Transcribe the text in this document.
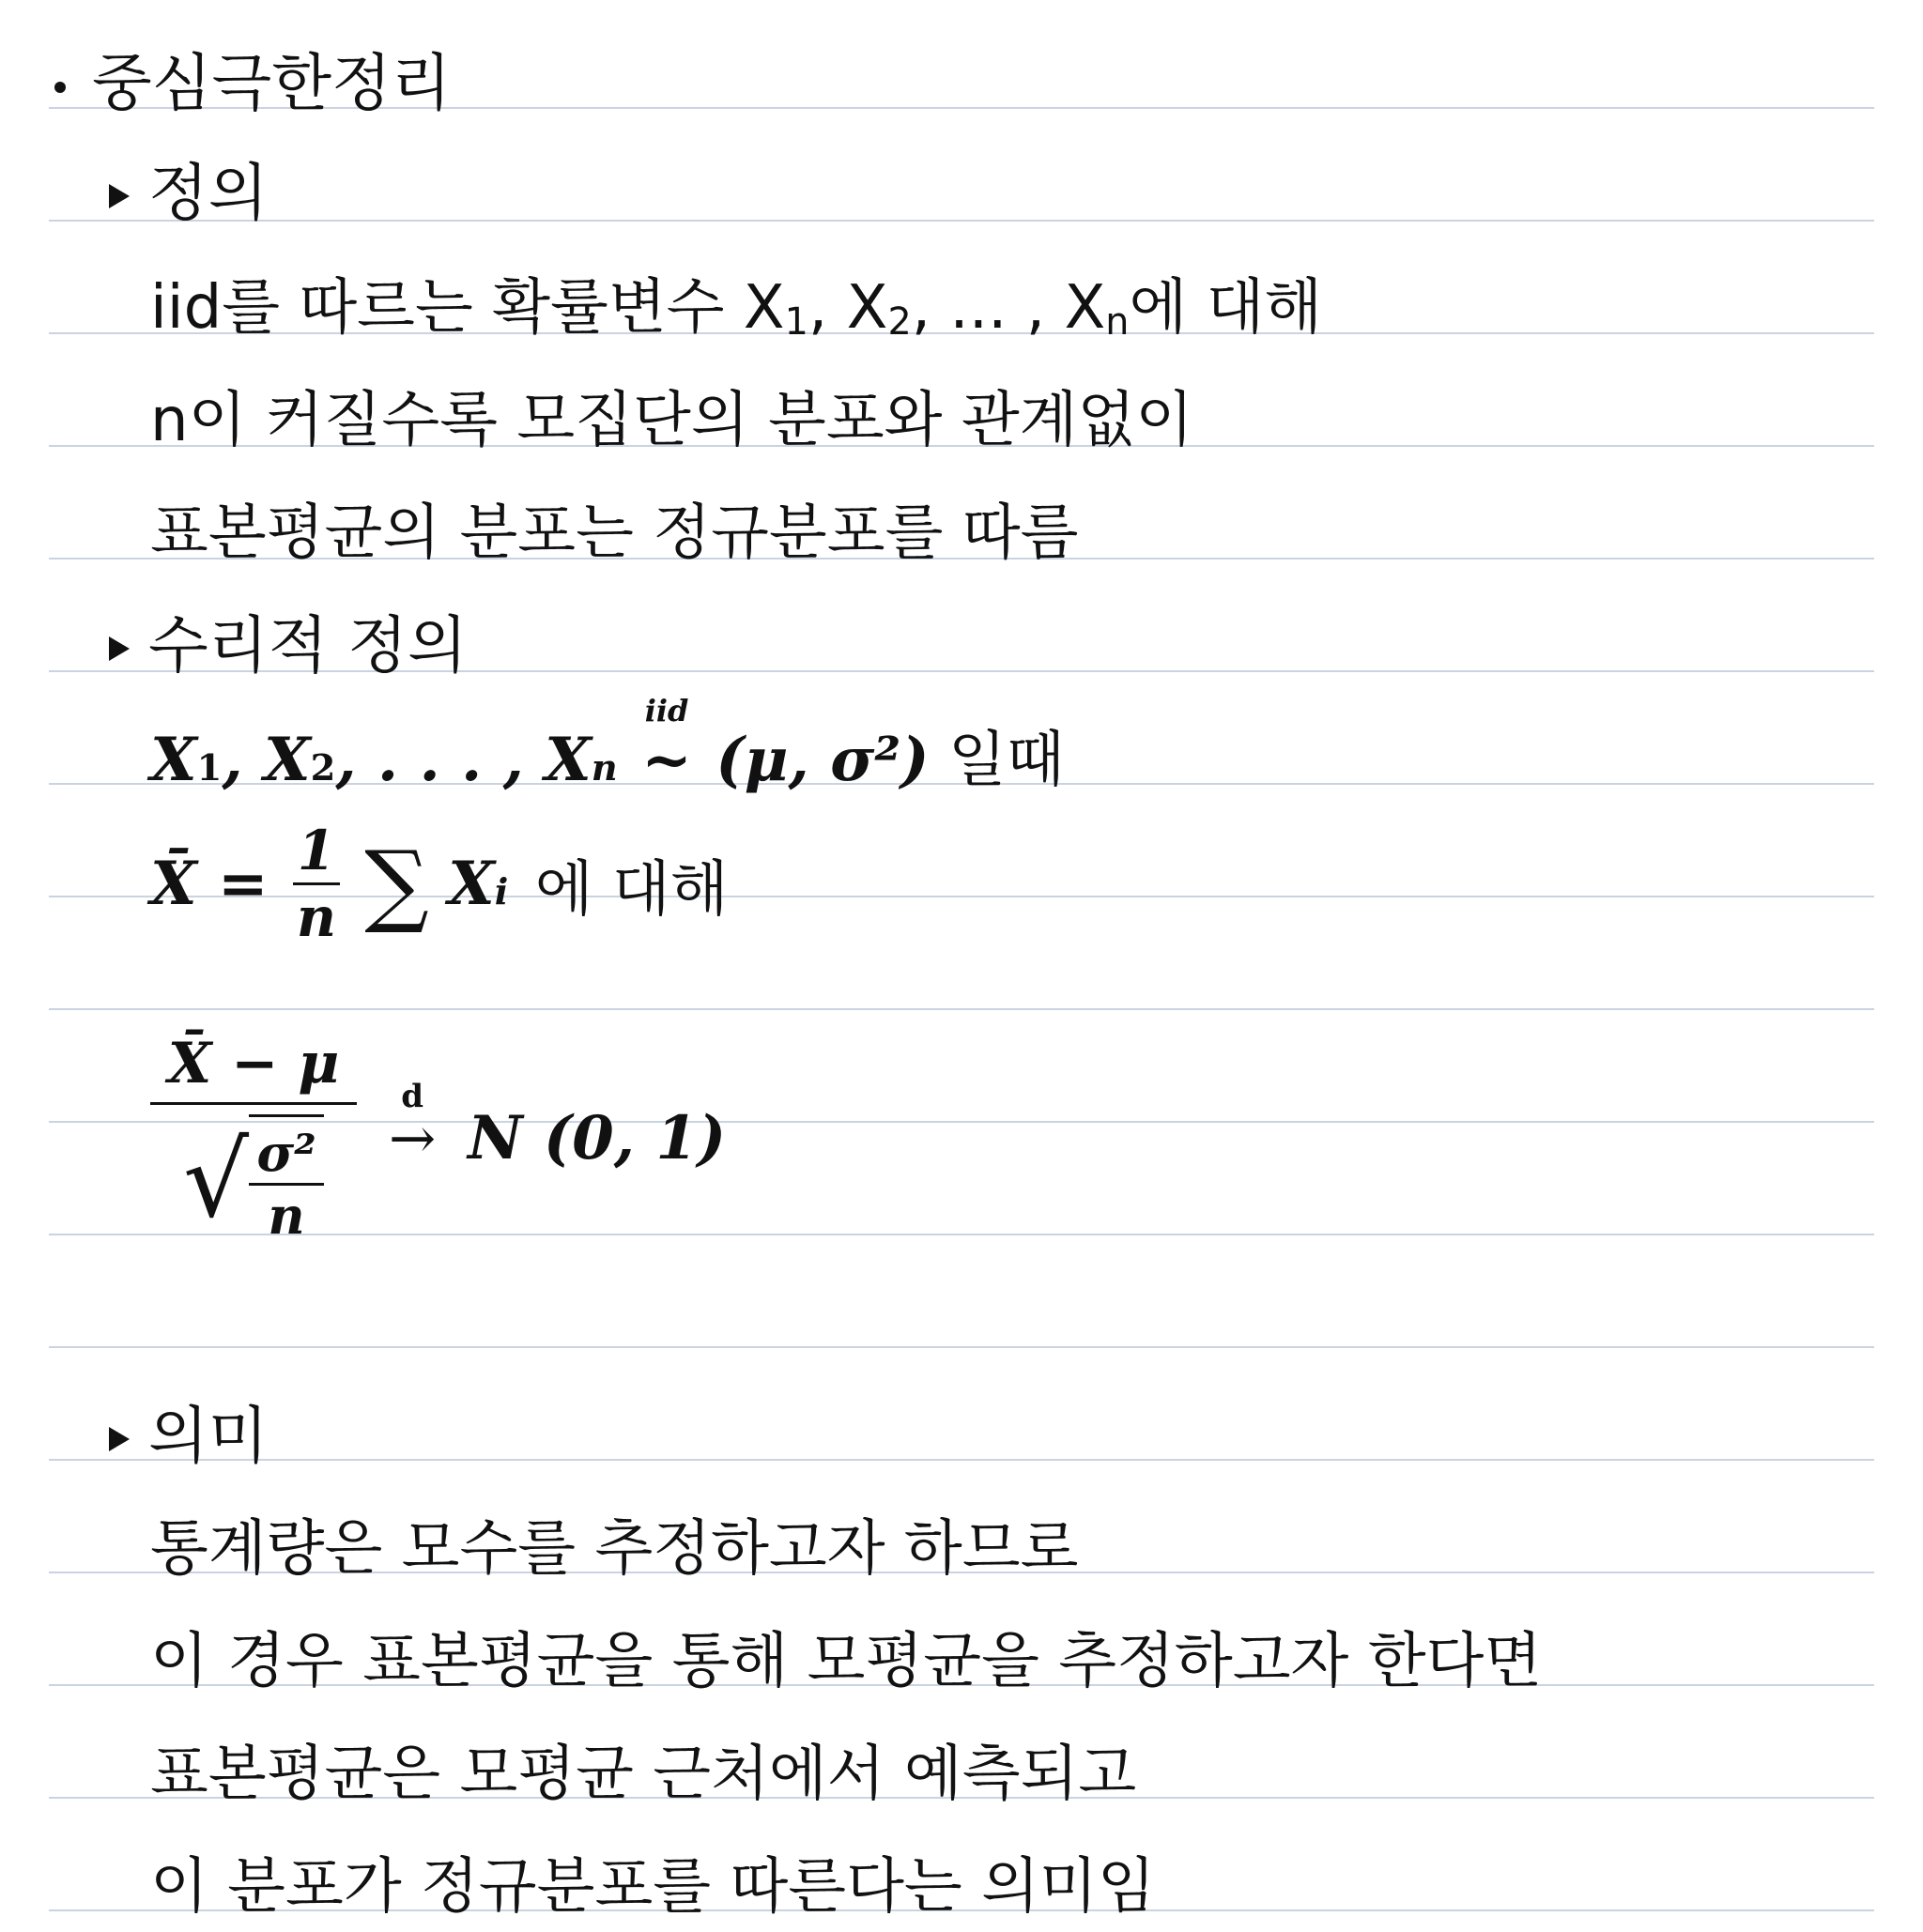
중심극한정리
정의
iid를 따르는 확률변수 X1, X2, ... , Xn에 대해
n이 커질수록 모집단의 분포와 관계없이
표본평균의 분포는 정규분포를 따름
수리적 정의
X1, X2, . . . , Xn
iid
~ (μ, σ²) 일때
X̄ = $\frac{1}{n}$ ∑ Xi 에 대해
$\frac{X̄ - \mu}{√ \frac{\text{σ²}}{n}}$
	d
→ N (0, 1)
의미
통계량은 모수를 추정하고자 하므로
이 경우 표본평균을 통해 모평균을 추정하고자 한다면
표본평균은 모평균 근처에서 예측되고
이 분포가 정규분포를 따른다는 의미임
